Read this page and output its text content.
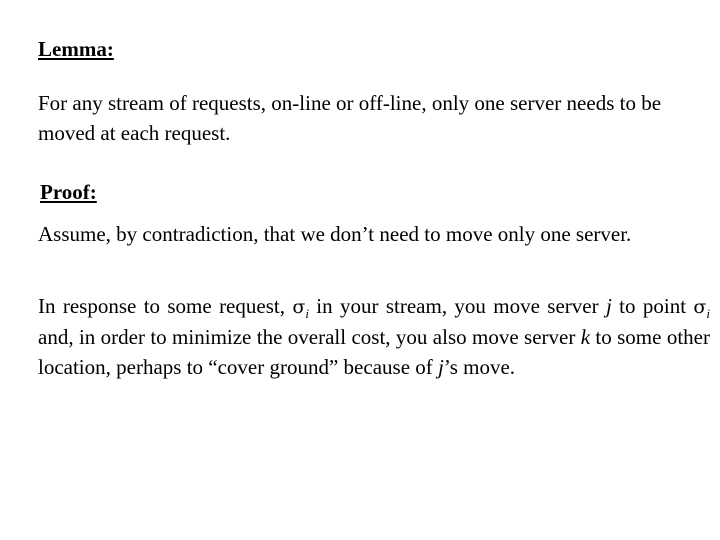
Lemma:
For any stream of requests, on-line or off-line, only one server needs to be moved at each request.
Proof:
Assume, by contradiction, that we don’t need to move only one server.
In response to some request, $\sigma_i$ in your stream, you move server j to point $\sigma_i$ and, in order to minimize the overall cost, you also move server k to some other location, perhaps to “cover ground” because of j’s move.
